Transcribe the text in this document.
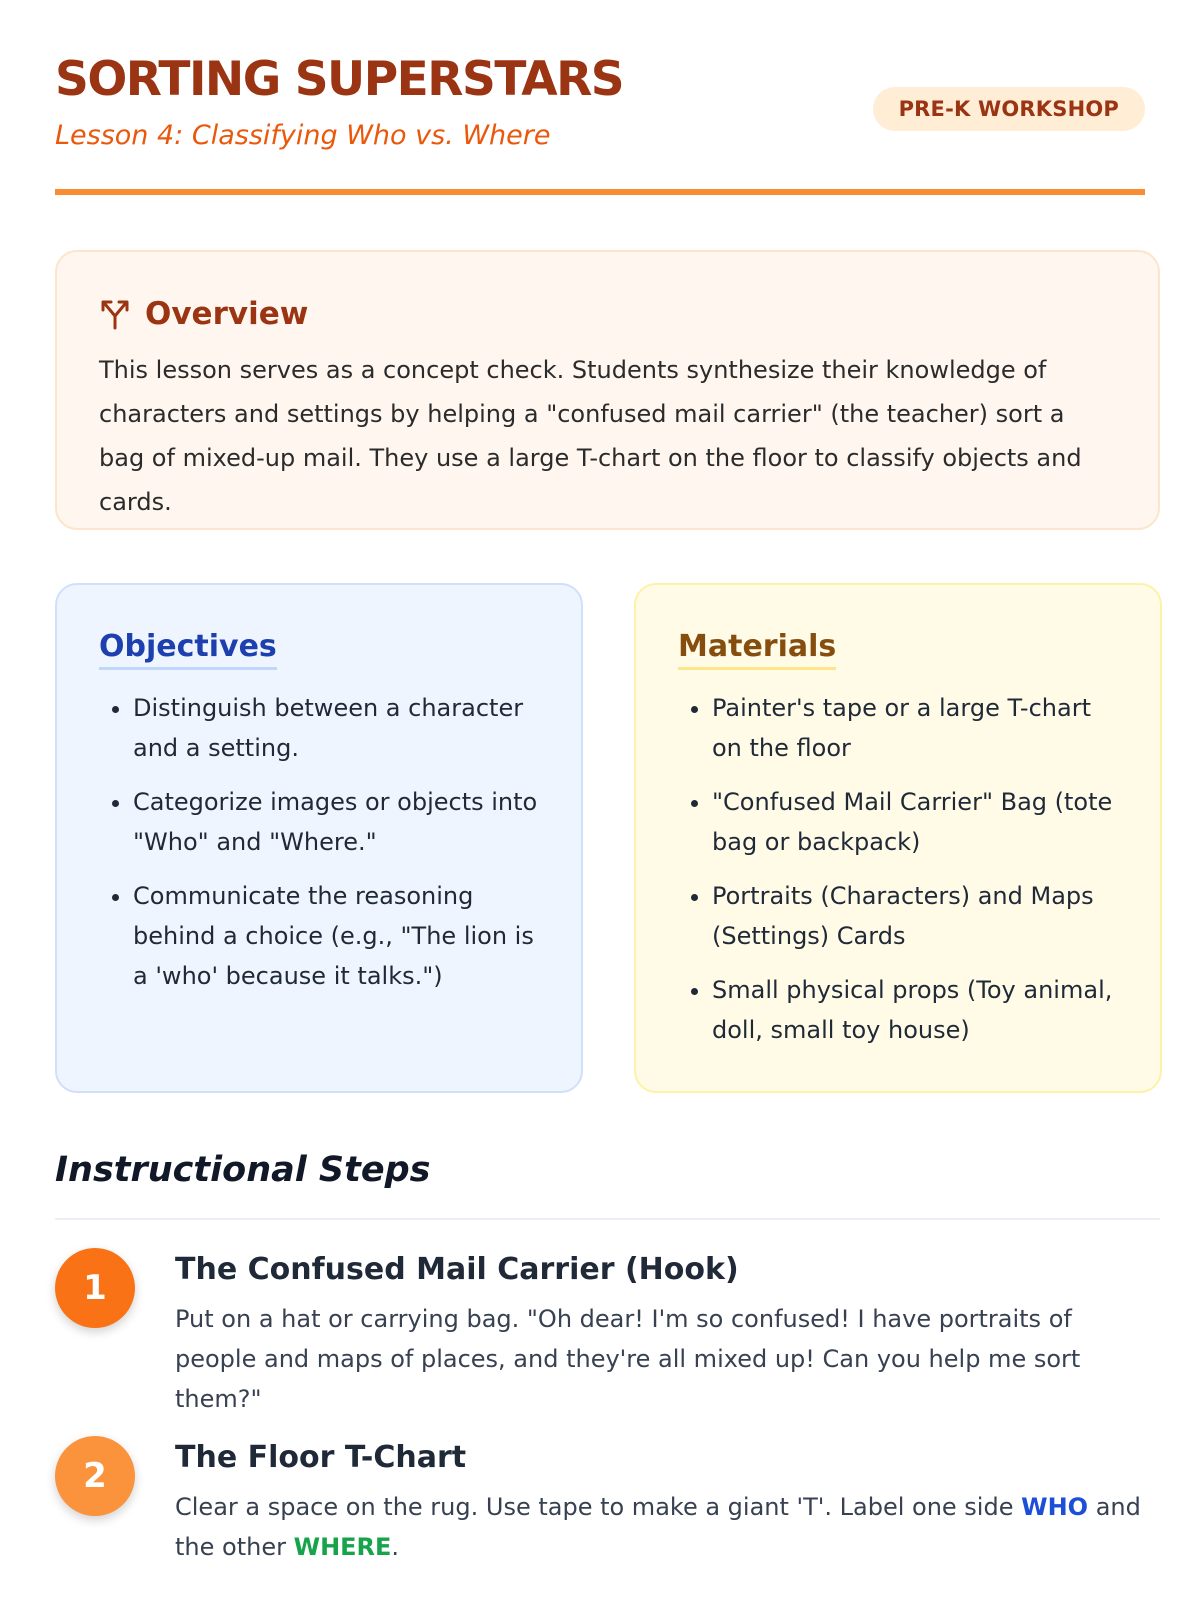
SORTING SUPERSTARS
Lesson 4: Classifying Who vs. Where
PRE-K WORKSHOP
Overview
This lesson serves as a concept check. Students synthesize their knowledge of characters and settings by helping a "confused mail carrier" (the teacher) sort a bag of mixed-up mail. They use a large T-chart on the floor to classify objects and cards.
Objectives
• Distinguish between a character and a setting.
• Categorize images or objects into "Who" and "Where."
• Communicate the reasoning behind a choice (e.g., "The lion is a 'who' because it talks.")
Materials
• Painter's tape or a large T-chart on the floor
• "Confused Mail Carrier" Bag (tote bag or backpack)
• Portraits (Characters) and Maps (Settings) Cards
• Small physical props (Toy animal, doll, small toy house)
Instructional Steps
1	The Confused Mail Carrier (Hook)
Put on a hat or carrying bag. "Oh dear! I'm so confused! I have portraits of people and maps of places, and they're all mixed up! Can you help me sort them?"
2	The Floor T-Chart
Clear a space on the rug. Use tape to make a giant 'T'. Label one side WHO and the other WHERE.
